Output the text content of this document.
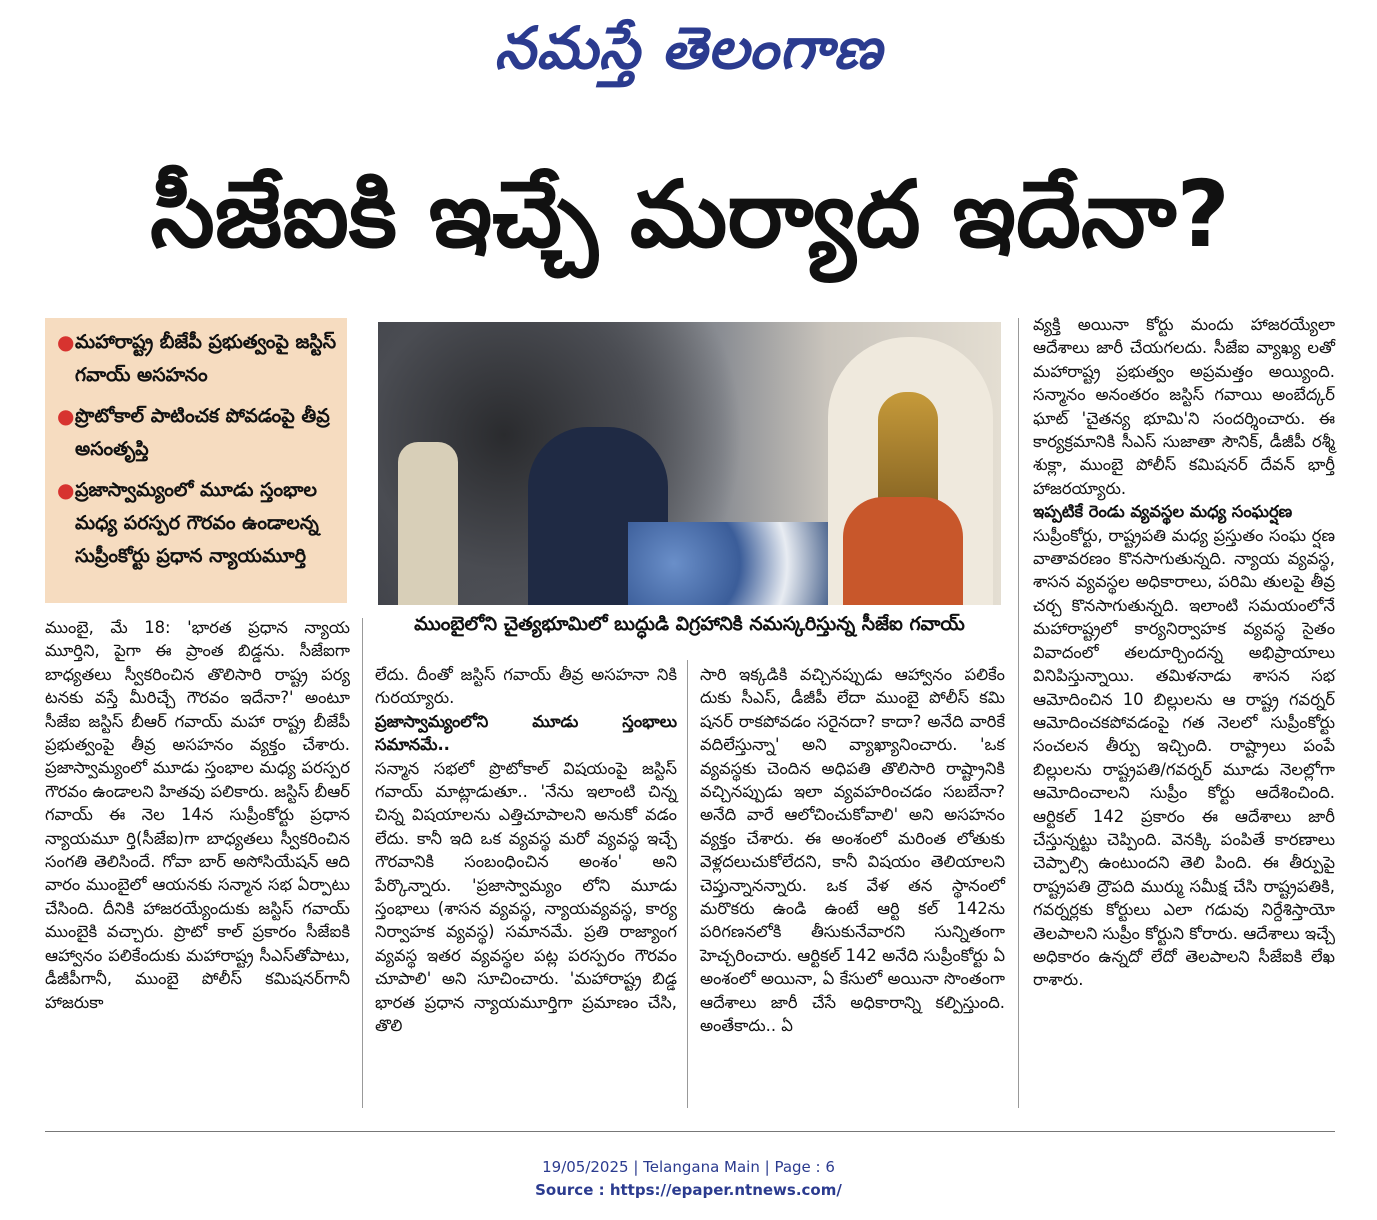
నమస్తే తెలంగాణ
సీజేఐకి ఇచ్చే మర్యాద ఇదేనా?
● మహారాష్ట్ర బీజేపీ ప్రభుత్వంపై జస్టిస్ గవాయ్ అసహనం
● ప్రొటోకాల్ పాటించక పోవడంపై తీవ్ర అసంతృప్తి
● ప్రజాస్వామ్యంలో మూడు స్తంభాల మధ్య పరస్పర గౌరవం ఉండాలన్న సుప్రీంకోర్టు ప్రధాన న్యాయమూర్తి
ముంబైలోని చైత్యభూమిలో బుద్ధుడి విగ్రహానికి నమస్కరిస్తున్న సీజేఐ గవాయ్

ముంబై, మే 18: 'భారత ప్రధాన న్యాయ మూర్తిని, పైగా ఈ ప్రాంత బిడ్డను. సీజేఐగా బాధ్యతలు స్వీకరించిన తొలిసారి రాష్ట్ర పర్య టనకు వస్తే మీరిచ్చే గౌరవం ఇదేనా?' అంటూ సీజేఐ జస్టిస్ బీఆర్ గవాయ్ మహా రాష్ట్ర బీజేపీ ప్రభుత్వంపై తీవ్ర అసహనం వ్యక్తం చేశారు. ప్రజాస్వామ్యంలో మూడు స్తంభాల మధ్య పరస్పర గౌరవం ఉండాలని హితవు పలికారు. జస్టిస్ బీఆర్ గవాయ్ ఈ నెల 14న సుప్రీంకోర్టు ప్రధాన న్యాయమూ ర్తి(సీజేఐ)గా బాధ్యతలు స్వీకరించిన సంగతి తెలిసిందే. గోవా బార్ అసోసియేషన్ ఆది వారం ముంబైలో ఆయనకు సన్మాన సభ ఏర్పాటు చేసింది. దీనికి హాజరయ్యేందుకు జస్టిస్ గవాయ్ ముంబైకి వచ్చారు. ప్రొటో కాల్ ప్రకారం సీజేఐకి ఆహ్వానం పలికేందుకు మహారాష్ట్ర సీఎస్‌తోపాటు, డీజీపీగానీ, ముంబై పోలీస్ కమిషనర్‌గానీ హాజరుకా

లేదు. దీంతో జస్టిస్ గవాయ్ తీవ్ర అసహనా నికి గురయ్యారు.

ప్రజాస్వామ్యంలోని మూడు స్తంభాలు సమానమే..

సన్మాన సభలో ప్రొటోకాల్ విషయంపై జస్టిస్ గవాయ్ మాట్లాడుతూ.. 'నేను ఇలాంటి చిన్న చిన్న విషయాలను ఎత్తిచూపాలని అనుకో వడం లేదు. కానీ ఇది ఒక వ్యవస్థ మరో వ్యవస్థ ఇచ్చే గౌరవానికి సంబంధించిన అంశం' అని పేర్కొన్నారు. 'ప్రజాస్వామ్యం లోని మూడు స్తంభాలు (శాసన వ్యవస్థ, న్యాయవ్యవస్థ, కార్య నిర్వాహక వ్యవస్థ) సమానమే. ప్రతి రాజ్యాంగ వ్యవస్థ ఇతర వ్యవస్థల పట్ల పరస్పరం గౌరవం చూపాలి' అని సూచించారు. 'మహారాష్ట్ర బిడ్డ భారత ప్రధాన న్యాయమూర్తిగా ప్రమాణం చేసి, తొలి

సారి ఇక్కడికి వచ్చినప్పుడు ఆహ్వానం పలికేం దుకు సీఎస్, డీజీపీ లేదా ముంబై పోలీస్ కమి షనర్ రాకపోవడం సరైనదా? కాదా? అనేది వారికే వదిలేస్తున్నా' అని వ్యాఖ్యానించారు. 'ఒక వ్యవస్థకు చెందిన అధిపతి తొలిసారి రాష్ట్రానికి వచ్చినప్పుడు ఇలా వ్యవహరించడం సబబేనా? అనేది వారే ఆలోచించుకోవాలి' అని అసహనం వ్యక్తం చేశారు. ఈ అంశంలో మరింత లోతుకు వెళ్లదలుచుకోలేదని, కానీ విషయం తెలియాలని చెప్తున్నానన్నారు. ఒక వేళ తన స్థానంలో మరొకరు ఉండి ఉంటే ఆర్టి కల్ 142ను పరిగణనలోకి తీసుకునేవారని సున్నితంగా హెచ్చరించారు. ఆర్టికల్ 142 అనేది సుప్రీంకోర్టు ఏ అంశంలో అయినా, ఏ కేసులో అయినా సొంతంగా ఆదేశాలు జారీ చేసే అధికారాన్ని కల్పిస్తుంది. అంతేకాదు.. ఏ

వ్యక్తి అయినా కోర్టు మందు హాజరయ్యేలా ఆదేశాలు జారీ చేయగలదు. సీజేఐ వ్యాఖ్య లతో మహారాష్ట్ర ప్రభుత్వం అప్రమత్తం అయ్యింది. సన్మానం అనంతరం జస్టిస్ గవాయి అంబేద్కర్ ఘాట్ 'చైతన్య భూమి'ని సందర్శించారు. ఈ కార్యక్రమానికి సీఎస్ సుజాతా సౌనిక్, డీజీపీ రశ్మీ శుక్లా, ముంబై పోలీస్ కమిషనర్ దేవన్ భార్తీ హాజరయ్యారు.

ఇప్పటికే రెండు వ్యవస్థల మధ్య సంఘర్షణ

సుప్రీంకోర్టు, రాష్ట్రపతి మధ్య ప్రస్తుతం సంఘ ర్షణ వాతావరణం కొనసాగుతున్నది. న్యాయ వ్యవస్థ, శాసన వ్యవస్థల అధికారాలు, పరిమి తులపై తీవ్ర చర్చ కొనసాగుతున్నది. ఇలాంటి సమయంలోనే మహారాష్ట్రలో కార్యనిర్వాహక వ్యవస్థ సైతం వివాదంలో తలదూర్చిందన్న అభిప్రాయాలు వినిపిస్తున్నాయి. తమిళనాడు శాసన సభ ఆమోదించిన 10 బిల్లులను ఆ రాష్ట్ర గవర్నర్ ఆమోదించకపోవడంపై గత నెలలో సుప్రీంకోర్టు సంచలన తీర్పు ఇచ్చింది. రాష్ట్రాలు పంపే బిల్లులను రాష్ట్రపతి/గవర్నర్ మూడు నెలల్లోగా ఆమోదించాలని సుప్రీం కోర్టు ఆదేశించింది. ఆర్టికల్ 142 ప్రకారం ఈ ఆదేశాలు జారీ చేస్తున్నట్టు చెప్పింది. వెనక్కి పంపితే కారణాలు చెప్పాల్సి ఉంటుందని తెలి పింది. ఈ తీర్పుపై రాష్ట్రపతి ద్రౌపది ముర్ము సమీక్ష చేసి రాష్ట్రపతికి, గవర్నర్లకు కోర్టులు ఎలా గడువు నిర్దేశిస్తాయో తెలపాలని సుప్రీం కోర్టుని కోరారు. ఆదేశాలు ఇచ్చే అధికారం ఉన్నదో లేదో తెలపాలని సీజేఐకి లేఖ రాశారు.

19/05/2025 | Telangana Main | Page : 6
Source : https://epaper.ntnews.com/
